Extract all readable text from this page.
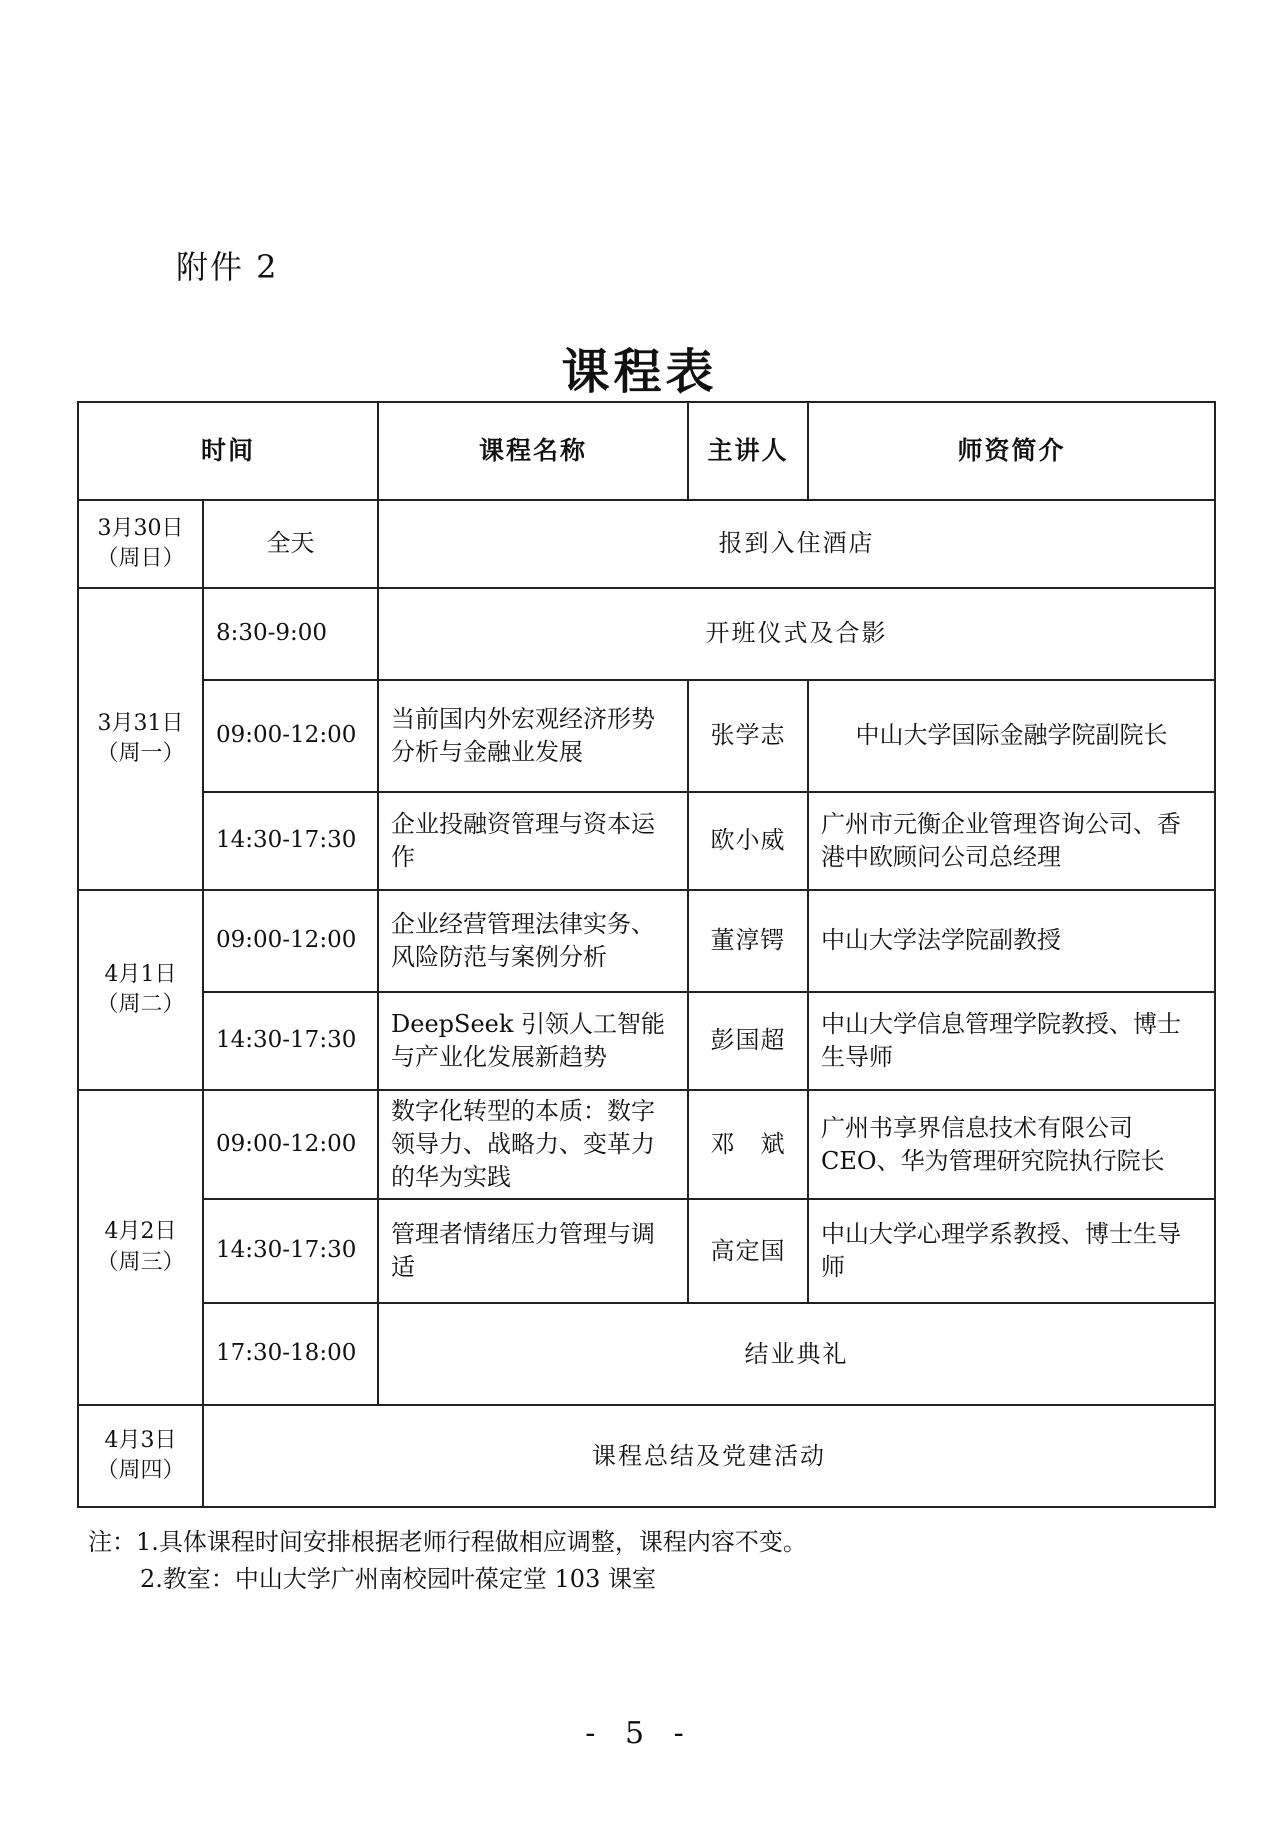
附件 2
课程表
时间		课程名称	主讲人	师资简介

3月30日
（周日）	全天	报到入住酒店		

3月31日
（周一）	8:30-9:00	开班仪式及合影		
	09:00-12:00	当前国内外宏观经济形势分析与金融业发展	张学志	中山大学国际金融学院副院长
	14:30-17:30	企业投融资管理与资本运作	欧小威	广州市元衡企业管理咨询公司、香港中欧顾问公司总经理

4月1日
（周二）	09:00-12:00	企业经营管理法律实务、风险防范与案例分析	董淳锷	中山大学法学院副教授
	14:30-17:30	DeepSeek 引领人工智能与产业化发展新趋势	彭国超	中山大学信息管理学院教授、博士生导师

4月2日
（周三）	09:00-12:00	数字化转型的本质：数字领导力、战略力、变革力的华为实践	邓　斌	广州书享界信息技术有限公司 CEO、华为管理研究院执行院长
	14:30-17:30	管理者情绪压力管理与调适	高定国	中山大学心理学系教授、博士生导师
	17:30-18:00	结业典礼		

4月3日
（周四）	课程总结及党建活动			
注：1.具体课程时间安排根据老师行程做相应调整，课程内容不变。
2.教室：中山大学广州南校园叶葆定堂 103 课室
- 5 -
